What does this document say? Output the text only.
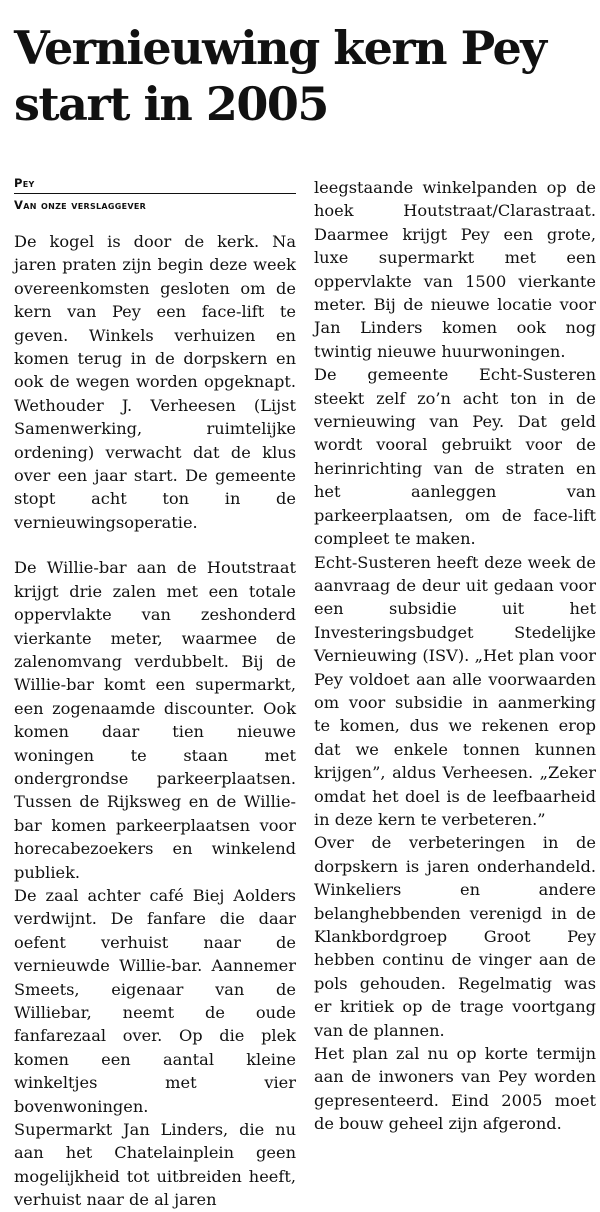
Vernieuwing kern Pey start in 2005
Pey
Van onze verslaggever

De kogel is door de kerk. Na jaren praten zijn begin deze week overeenkomsten gesloten om de kern van Pey een face-lift te geven. Winkels verhuizen en komen terug in de dorpskern en ook de wegen worden opgeknapt. Wethouder J. Verheesen (Lijst Samenwerking, ruimtelijke ordening) verwacht dat de klus over een jaar start. De gemeente stopt acht ton in de vernieuwingsoperatie.

De Willie-bar aan de Houtstraat krijgt drie zalen met een totale oppervlakte van zeshonderd vierkante meter, waarmee de zalenomvang verdubbelt. Bij de Willie-bar komt een supermarkt, een zogenaamde discounter. Ook komen daar tien nieuwe woningen te staan met ondergrondse parkeerplaatsen. Tussen de Rijksweg en de Willie-bar komen parkeerplaatsen voor horecabezoekers en winkelend publiek.

De zaal achter café Biej Aolders verdwijnt. De fanfare die daar oefent verhuist naar de vernieuwde Willie-bar. Aannemer Smeets, eigenaar van de Williebar, neemt de oude fanfarezaal over. Op die plek komen een aantal kleine winkeltjes met vier bovenwoningen.

Supermarkt Jan Linders, die nu aan het Chatelainplein geen mogelijkheid tot uitbreiden heeft, verhuist naar de al jaren

leegstaande winkelpanden op de hoek Houtstraat/Clarastraat. Daarmee krijgt Pey een grote, luxe supermarkt met een oppervlakte van 1500 vierkante meter. Bij de nieuwe locatie voor Jan Linders komen ook nog twintig nieuwe huurwoningen.

De gemeente Echt-Susteren steekt zelf zo’n acht ton in de vernieuwing van Pey. Dat geld wordt vooral gebruikt voor de herinrichting van de straten en het aanleggen van parkeerplaatsen, om de face-lift compleet te maken.

Echt-Susteren heeft deze week de aanvraag de deur uit gedaan voor een subsidie uit het Investeringsbudget Stedelijke Vernieuwing (ISV). „Het plan voor Pey voldoet aan alle voorwaarden om voor subsidie in aanmerking te komen, dus we rekenen erop dat we enkele tonnen kunnen krijgen”, aldus Verheesen. „Zeker omdat het doel is de leefbaarheid in deze kern te verbeteren.”

Over de verbeteringen in de dorpskern is jaren onderhandeld. Winkeliers en andere belanghebbenden verenigd in de Klankbordgroep Groot Pey hebben continu de vinger aan de pols gehouden. Regelmatig was er kritiek op de trage voortgang van de plannen.

Het plan zal nu op korte termijn aan de inwoners van Pey worden gepresenteerd. Eind 2005 moet de bouw geheel zijn afgerond.
